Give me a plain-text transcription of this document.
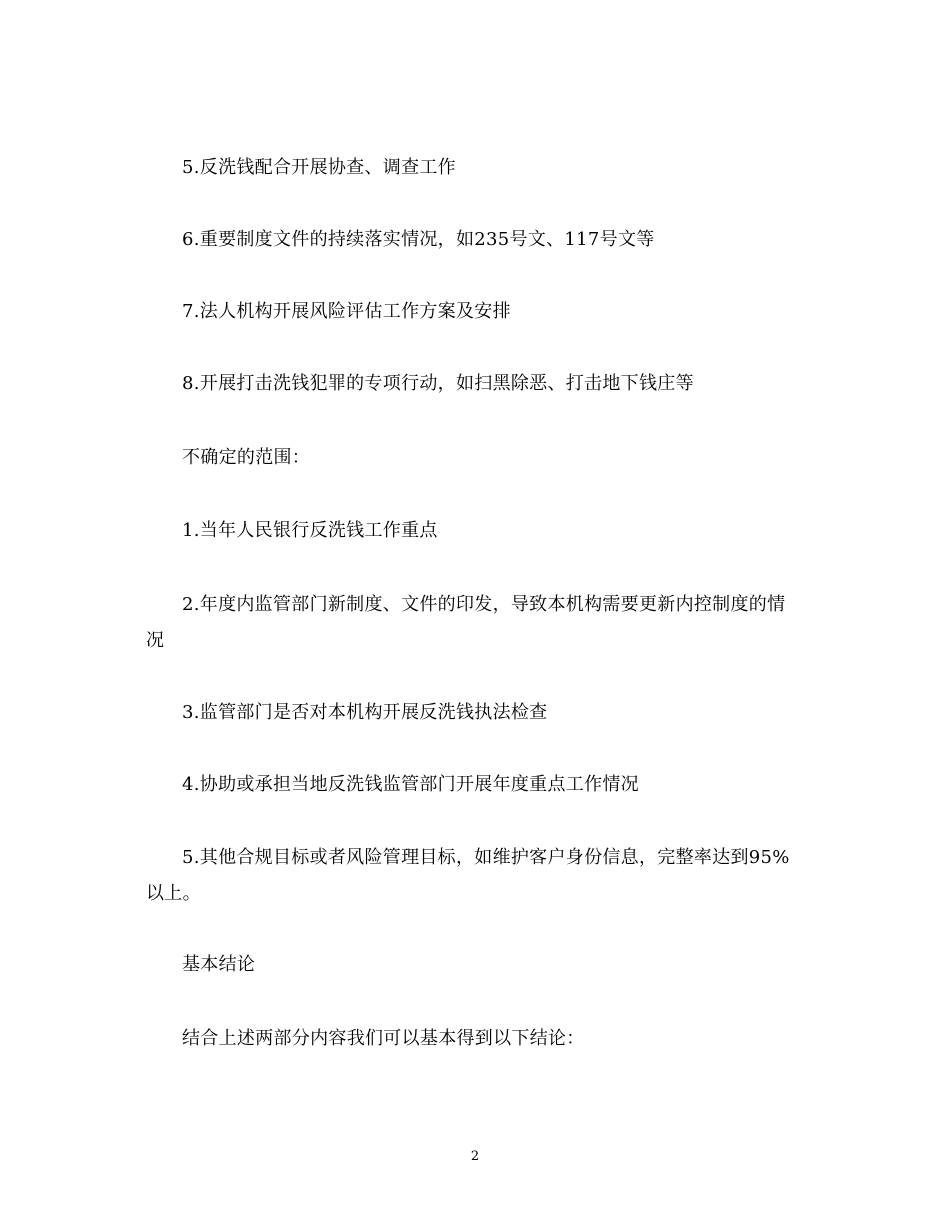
5.反洗钱配合开展协查、调查工作

6.重要制度文件的持续落实情况，如235号文、117号文等

7.法人机构开展风险评估工作方案及安排

8.开展打击洗钱犯罪的专项行动，如扫黑除恶、打击地下钱庄等

不确定的范围：

1.当年人民银行反洗钱工作重点

2.年度内监管部门新制度、文件的印发，导致本机构需要更新内控制度的情况

3.监管部门是否对本机构开展反洗钱执法检查

4.协助或承担当地反洗钱监管部门开展年度重点工作情况

5.其他合规目标或者风险管理目标，如维护客户身份信息，完整率达到95%以上。

基本结论

结合上述两部分内容我们可以基本得到以下结论：

2
